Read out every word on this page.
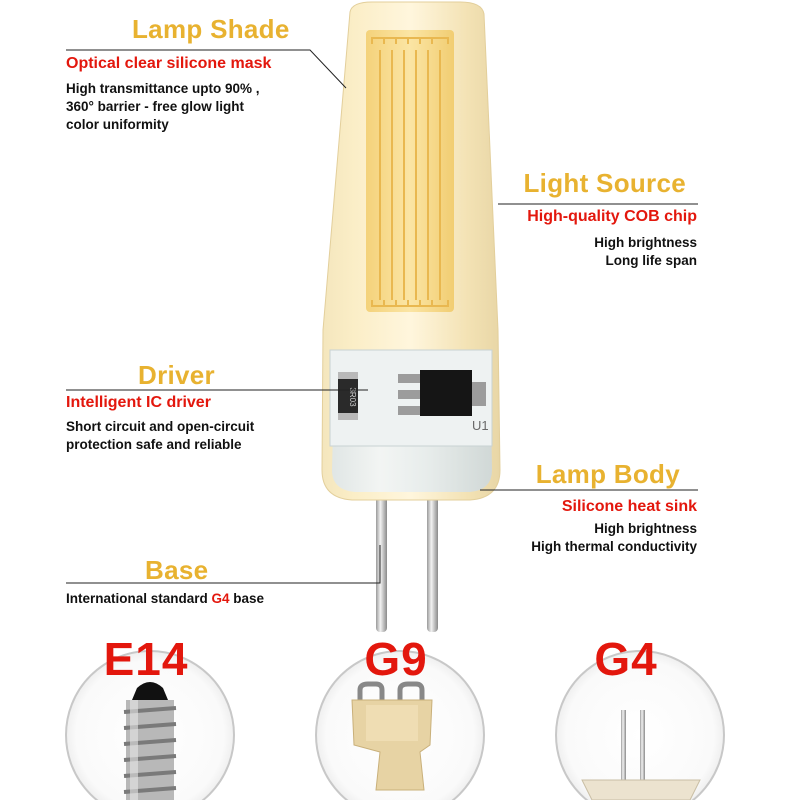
3R03
U1
Lamp Shade
Optical clear silicone mask
High transmittance upto 90% ,
360° barrier - free glow light
color uniformity
Light Source
High-quality COB chip
High brightness
Long life span
Driver
Intelligent IC driver
Short circuit and open-circuit
protection safe and reliable
Lamp Body
Silicone heat sink
High brightness
High thermal conductivity
Base
International standard G4 base
E14	G9	G4
